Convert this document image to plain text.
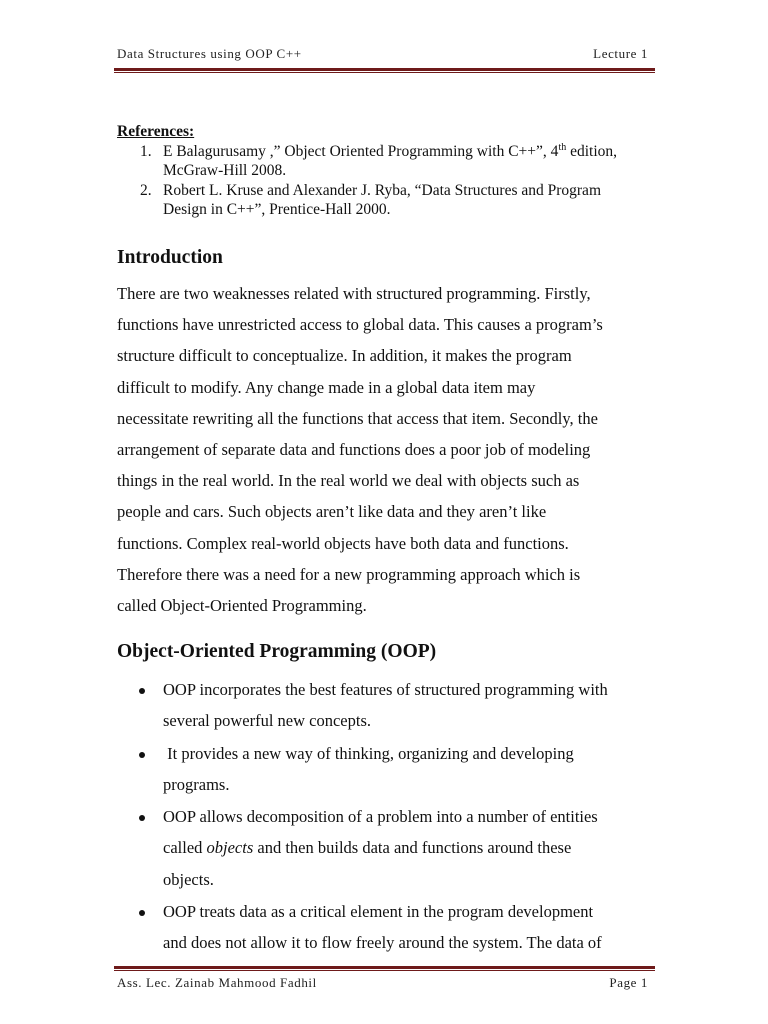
Data Structures using OOP C++	Lecture 1
References:
1. E Balagurusamy ,” Object Oriented Programming with C++”, 4th edition,
McGraw-Hill 2008.
2. Robert L. Kruse and Alexander J. Ryba, “Data Structures and Program
Design in C++”, Prentice-Hall 2000.
Introduction
There are two weaknesses related with structured programming. Firstly,
functions have unrestricted access to global data. This causes a program’s
structure difficult to conceptualize. In addition, it makes the program
difficult to modify. Any change made in a global data item may
necessitate rewriting all the functions that access that item. Secondly, the
arrangement of separate data and functions does a poor job of modeling
things in the real world. In the real world we deal with objects such as
people and cars. Such objects aren’t like data and they aren’t like
functions. Complex real-world objects have both data and functions.
Therefore there was a need for a new programming approach which is
called Object-Oriented Programming.
Object-Oriented Programming (OOP)
OOP incorporates the best features of structured programming with
several powerful new concepts.
It provides a new way of thinking, organizing and developing
programs.
OOP allows decomposition of a problem into a number of entities
called objects and then builds data and functions around these
objects.
OOP treats data as a critical element in the program development
and does not allow it to flow freely around the system. The data of
Ass. Lec. Zainab Mahmood Fadhil	Page 1
